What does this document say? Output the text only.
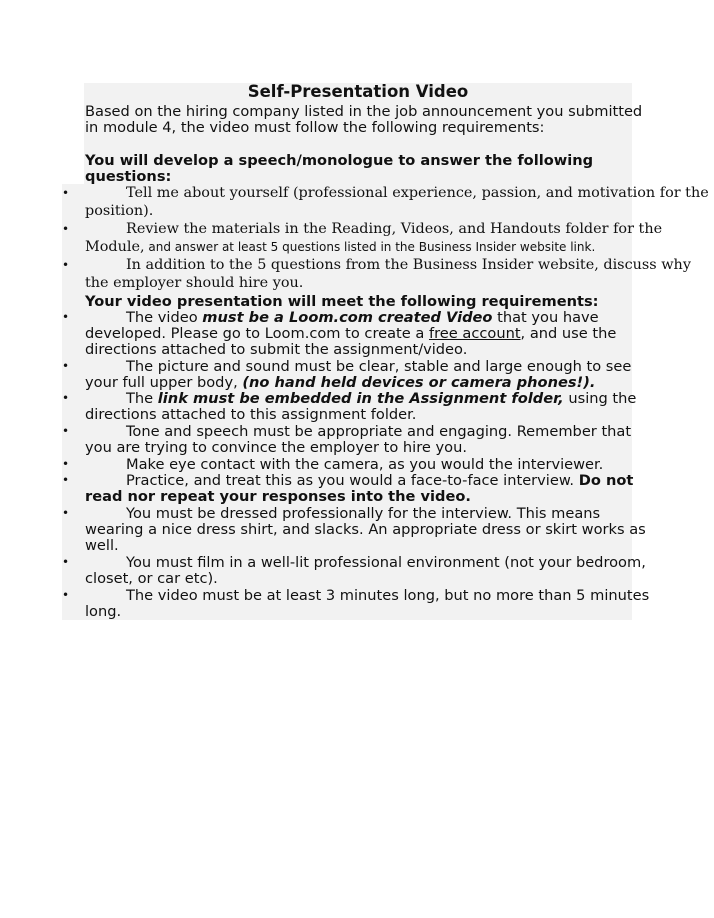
Self-Presentation Video
Based on the hiring company listed in the job announcement you submitted
in module 4, the video must follow the following requirements:
You will develop a speech/monologue to answer the following
questions:
•	Tell me about yourself (professional experience, passion, and motivation for the
position).
•	Review the materials in the Reading, Videos, and Handouts folder for the
Module, and answer at least 5 questions listed in the Business Insider website link.
•	In addition to the 5 questions from the Business Insider website, discuss why
the employer should hire you.
Your video presentation will meet the following requirements:
•	The video must be a Loom.com created Video that you have
developed. Please go to Loom.com to create a free account, and use the
directions attached to submit the assignment/video.
•	The picture and sound must be clear, stable and large enough to see
your full upper body, (no hand held devices or camera phones!).
•	The link must be embedded in the Assignment folder, using the
directions attached to this assignment folder.
•	Tone and speech must be appropriate and engaging. Remember that
you are trying to convince the employer to hire you.
•	Make eye contact with the camera, as you would the interviewer.
•	Practice, and treat this as you would a face-to-face interview. Do not
read nor repeat your responses into the video.
•	You must be dressed professionally for the interview. This means
wearing a nice dress shirt, and slacks. An appropriate dress or skirt works as
well.
•	You must film in a well-lit professional environment (not your bedroom,
closet, or car etc).
•	The video must be at least 3 minutes long, but no more than 5 minutes
long.
